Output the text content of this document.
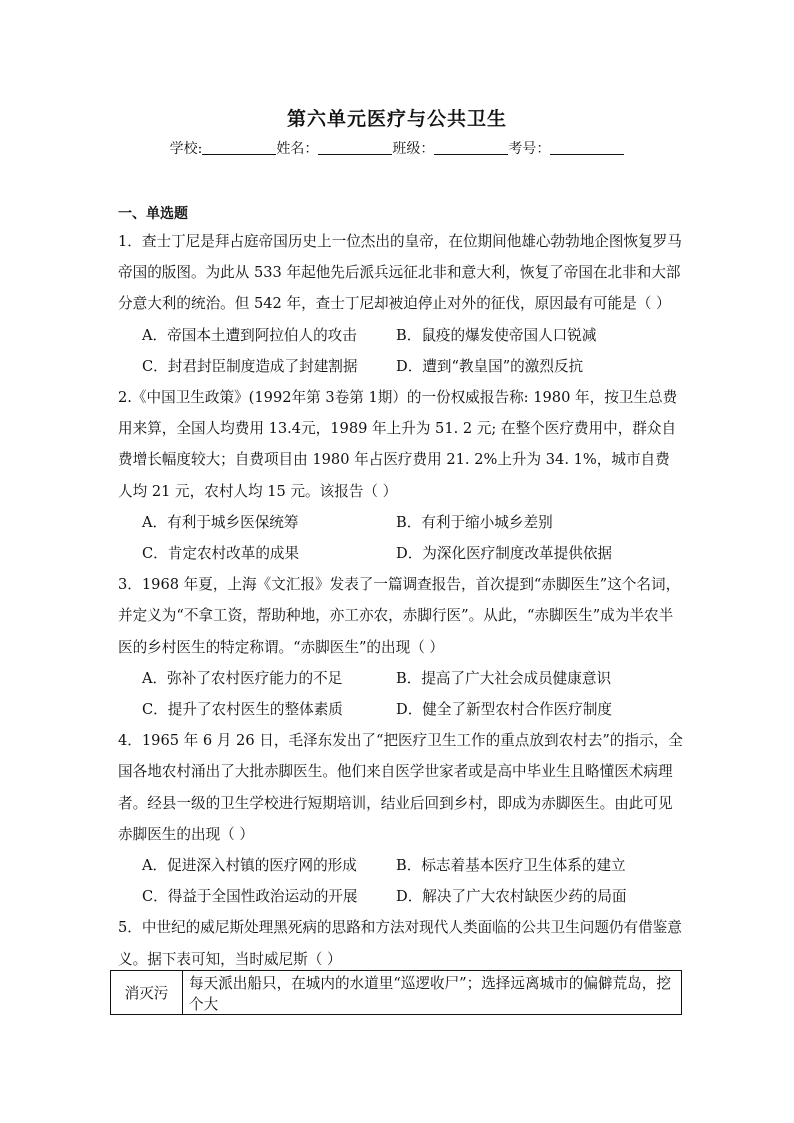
第六单元医疗与公共卫生
学校:	姓名：	班级：	考号：
一、单选题
1．查士丁尼是拜占庭帝国历史上一位杰出的皇帝，在位期间他雄心勃勃地企图恢复罗马帝国的版图。为此从 533 年起他先后派兵远征北非和意大利，恢复了帝国在北非和大部分意大利的统治。但 542 年，查士丁尼却被迫停止对外的征伐，原因最有可能是（ ）
A．帝国本土遭到阿拉伯人的攻击	B．鼠疫的爆发使帝国人口锐减
C．封君封臣制度造成了封建割据	D．遭到“教皇国”的激烈反抗
2.《中国卫生政策》(1992年第 3卷第 1期）的一份权威报告称: 1980 年，按卫生总费用来算，全国人均费用 13.4元，1989 年上升为 51. 2 元; 在整个医疗费用中，群众自费增长幅度较大；自费项目由 1980 年占医疗费用 21. 2%上升为 34. 1%，城市自费人均 21 元，农村人均 15 元。该报告（ ）
A．有利于城乡医保统筹	B．有利于缩小城乡差别
C．肯定农村改革的成果	D．为深化医疗制度改革提供依据
3．1968 年夏，上海《文汇报》发表了一篇调查报告，首次提到“赤脚医生”这个名词，并定义为“不拿工资，帮助种地，亦工亦农，赤脚行医”。从此，“赤脚医生”成为半农半医的乡村医生的特定称谓。“赤脚医生”的出现（ ）
A．弥补了农村医疗能力的不足	B．提高了广大社会成员健康意识
C．提升了农村医生的整体素质	D．健全了新型农村合作医疗制度
4．1965 年 6 月 26 日，毛泽东发出了“把医疗卫生工作的重点放到农村去”的指示，全国各地农村涌出了大批赤脚医生。他们来自医学世家者或是高中毕业生且略懂医术病理者。经县一级的卫生学校进行短期培训，结业后回到乡村，即成为赤脚医生。由此可见赤脚医生的出现（ ）
A．促进深入村镇的医疗网的形成	B．标志着基本医疗卫生体系的建立
C．得益于全国性政治运动的开展	D．解决了广大农村缺医少药的局面
5．中世纪的威尼斯处理黑死病的思路和方法对现代人类面临的公共卫生问题仍有借鉴意义。据下表可知，当时威尼斯（ ）
消灭污	每天派出船只，在城内的水道里“巡逻收尸”；选择远离城市的偏僻荒岛，挖个大
